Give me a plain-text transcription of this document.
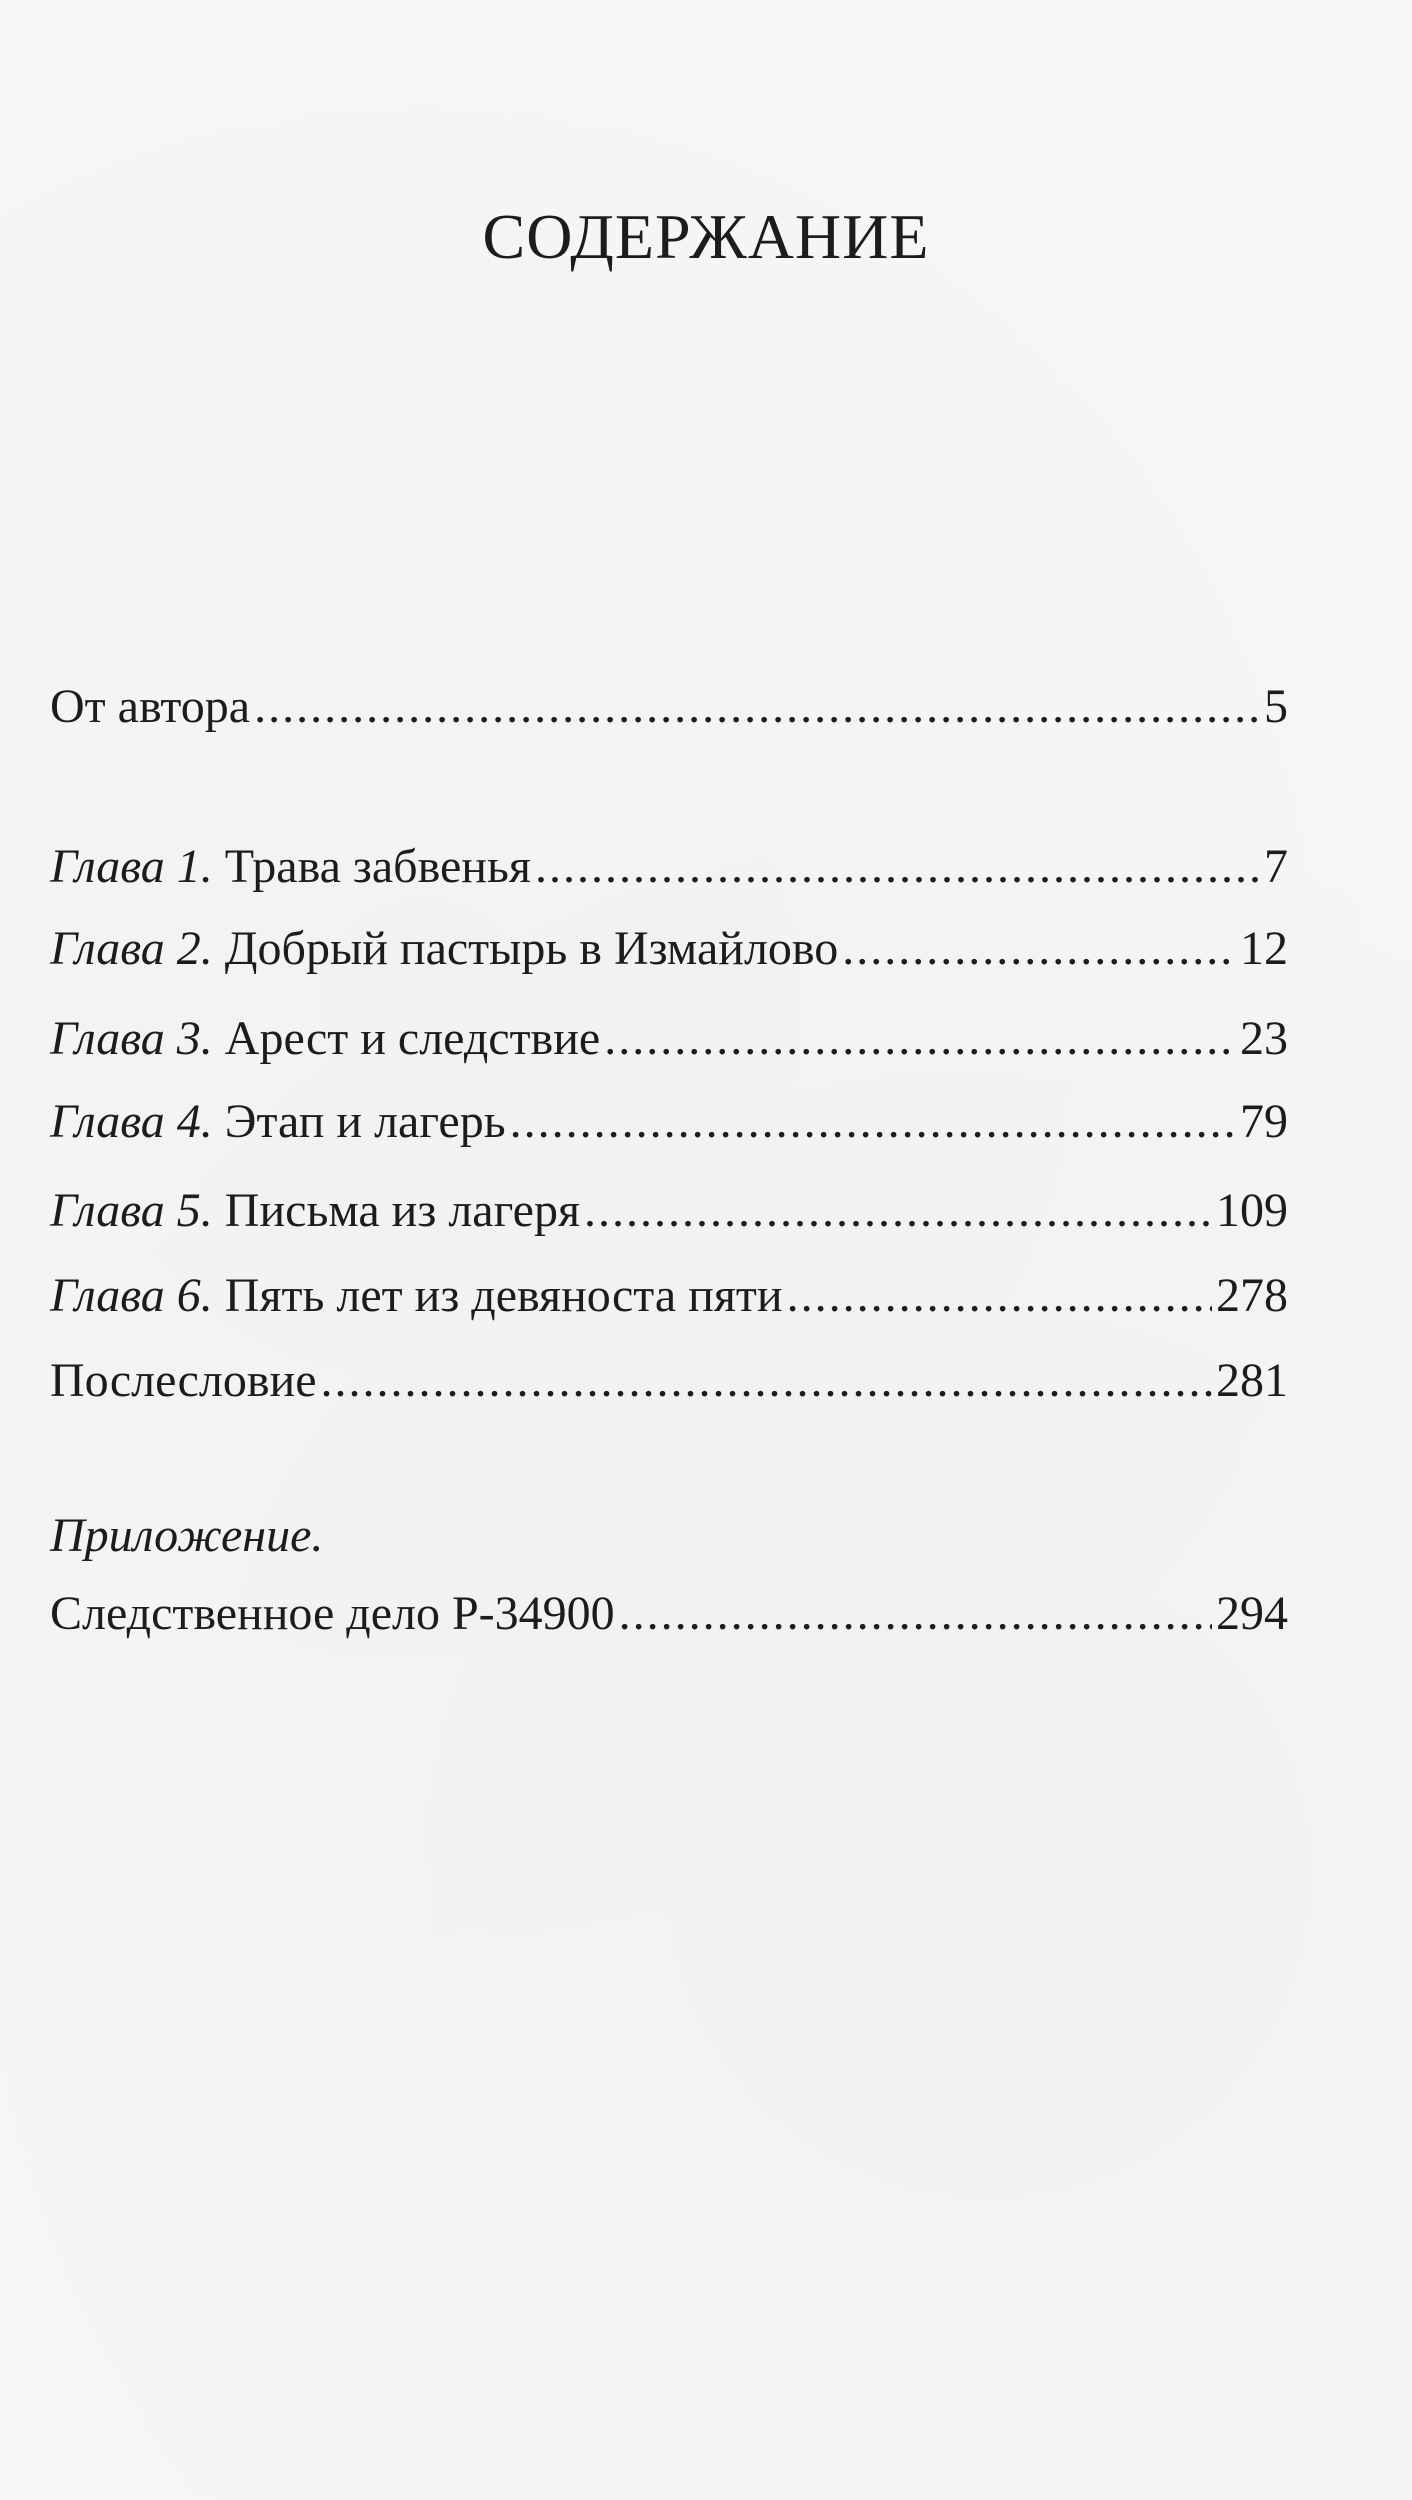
СОДЕРЖАНИЕ
От автора .....	5
Глава 1. Трава забвенья .....	7
Глава 2. Добрый пастырь в Измайлово .....	12
Глава 3. Арест и следствие .....	23
Глава 4. Этап и лагерь .....	79
Глава 5. Письма из лагеря .....	109
Глава 6. Пять лет из девяноста пяти .....	278
Послесловие .....	281
Приложение.
Следственное дело Р-34900 .....	294
